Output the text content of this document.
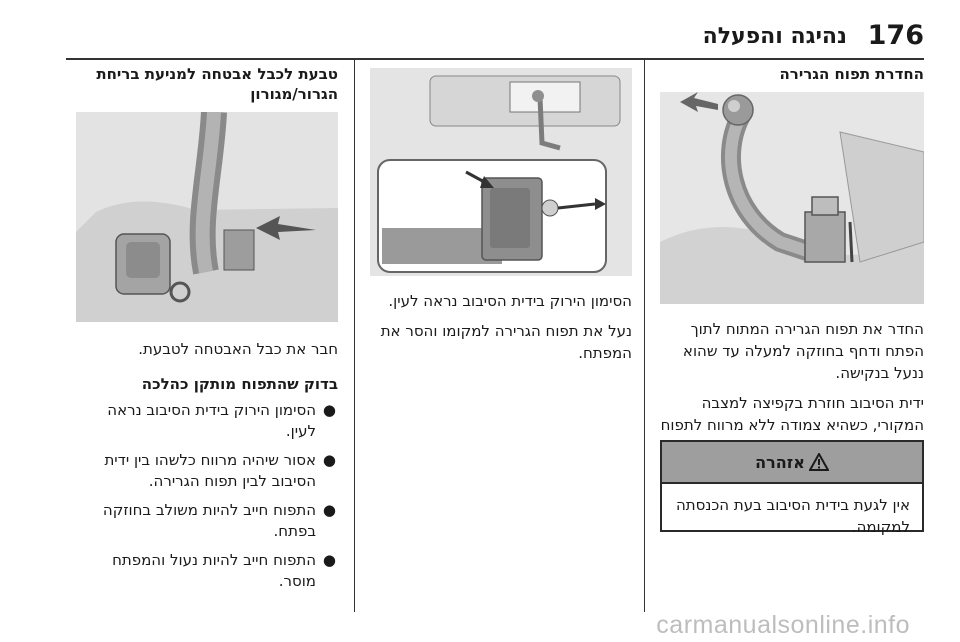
176
נהיגה והפעלה
החדרת תפוח הגרירה

החדר את תפוח הגרירה המתוח לתוך הפתח ודחף בחוזקה למעלה עד שהוא ננעל בנקישה.

ידית הסיבוב חוזרת בקפיצה למצבה המקורי, כשהיא צמודה ללא מרווח לתפוח

אזהרה
אין לגעת בידית הסיבוב בעת הכנסתה למקומה.

הסימון הירוק בידית הסיבוב נראה לעין.

נעל את תפוח הגרירה למקומו והסר את המפתח.

טבעת לכבל אבטחה למניעת בריחת הגרור/מגורון

חבר את כבל האבטחה לטבעת.

בדוק שהתפוח מותקן כהלכה
●
הסימון הירוק בידית הסיבוב נראה לעין.
●
אסור שיהיה מרווח כלשהו בין ידית הסיבוב לבין תפוח הגרירה.
●
התפוח חייב להיות משולב בחוזקה בפתח.
●
התפוח חייב להיות נעול והמפתח מוסר.
carmanualsonline.info
